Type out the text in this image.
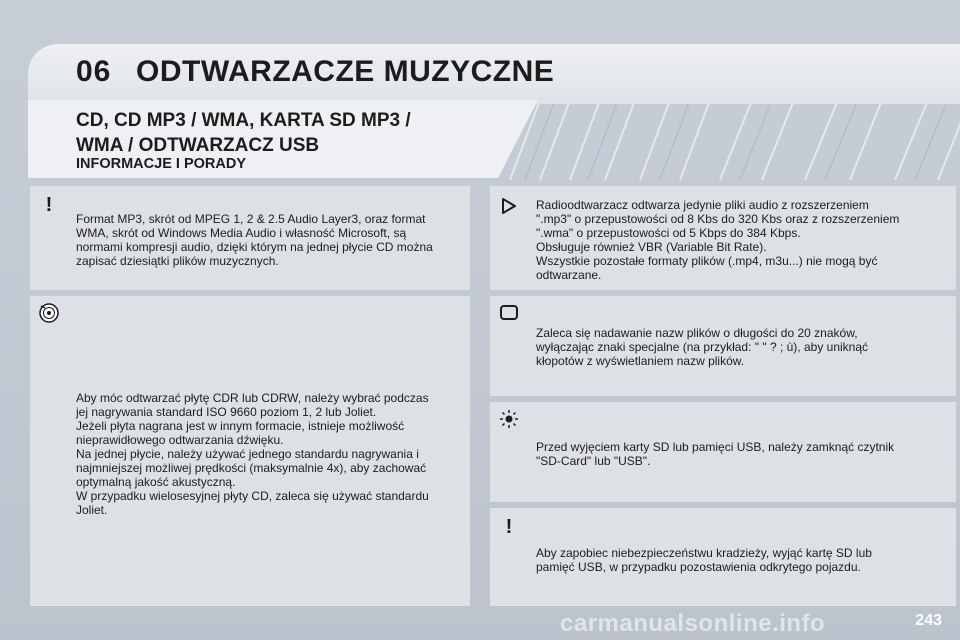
06 ODTWARZACZE MUZYCZNE
CD, CD MP3 / WMA, KARTA SD MP3 /
WMA / ODTWARZACZ USB
INFORMACJE I PORADY
!

Format MP3, skrót od MPEG 1, 2 & 2.5 Audio Layer3, oraz format

WMA, skrót od Windows Media Audio i własność Microsoft, są

normami kompresji audio, dzięki którym na jednej płycie CD można

zapisać dziesiątki plików muzycznych.

Aby móc odtwarzać płytę CDR lub CDRW, należy wybrać podczas

jej nagrywania standard ISO 9660 poziom 1, 2 lub Joliet.

Jeżeli płyta nagrana jest w innym formacie, istnieje możliwość

nieprawidłowego odtwarzania dźwięku.

Na jednej płycie, należy używać jednego standardu nagrywania i

najmniejszej możliwej prędkości (maksymalnie 4x), aby zachować

optymalną jakość akustyczną.

W przypadku wielosesyjnej płyty CD, zaleca się używać standardu

Joliet.

Radioodtwarzacz odtwarza jedynie pliki audio z rozszerzeniem

".mp3" o przepustowości od 8 Kbs do 320 Kbs oraz z rozszerzeniem

".wma" o przepustowości od 5 Kbps do 384 Kbps.

Obsługuje również VBR (Variable Bit Rate).

Wszystkie pozostałe formaty plików (.mp4, m3u...) nie mogą być

odtwarzane.

Zaleca się nadawanie nazw plików o długości do 20 znaków,

wyłączając znaki specjalne (na przykład: " " ? ; ù), aby uniknąć

kłopotów z wyświetlaniem nazw plików.

Przed wyjęciem karty SD lub pamięci USB, należy zamknąć czytnik

"SD-Card" lub "USB".

!

Aby zapobiec niebezpieczeństwu kradzieży, wyjąć kartę SD lub

pamięć USB, w przypadku pozostawienia odkrytego pojazdu.

carmanualsonline.info	243
